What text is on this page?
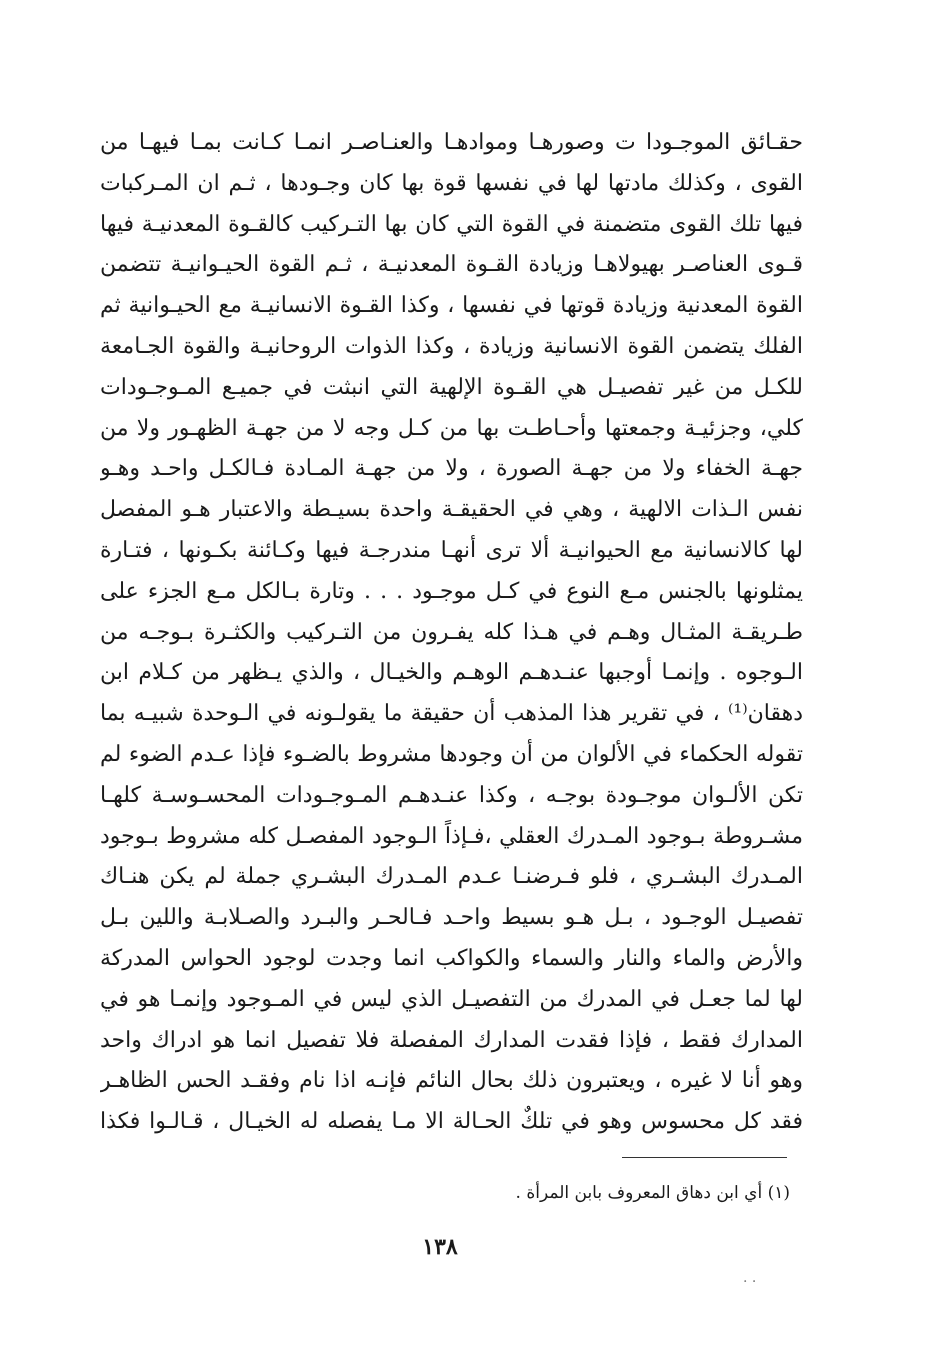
حقـائق الموجـودا ت وصورهـا وموادهـا والعنـاصـر انمـا كـانت بمـا فيهـا من
القوى ، وكذلك مادتها لها في نفسها قوة بها كان وجـودها ، ثـم ان المـركبات
فيها تلك القوى متضمنة في القوة التي كان بها التـركيب كالقـوة المعدنيـة فيها
قـوى العناصـر بهيولاهـا وزيادة القـوة المعدنيـة ، ثـم القوة الحيـوانيـة تتضمن
القوة المعدنية وزيادة قوتها في نفسها ، وكذا القـوة الانسانيـة مع الحيـوانية ثم
الفلك يتضمن القوة الانسانية وزيادة ، وكذا الذوات الروحانيـة والقوة الجـامعة
للكـل من غير تفصيـل هي القـوة الإلهية التي انبثت في جميـع المـوجـودات
كلي، وجزئيـة وجمعتها وأحـاطـت بها من كـل وجه لا من جهـة الظهـور ولا من
جهـة الخفاء ولا من جهـة الصورة ، ولا من جهـة المـادة فـالكـل واحـد وهـو
نفس الـذات الالهية ، وهي في الحقيقـة واحدة بسيـطة والاعتبار هـو المفصل
لها كالانسانية مع الحيوانيـة ألا ترى أنهـا مندرجـة فيها وكـائنة بكـونها ، فتـارة
يمثلونها بالجنس مـع النوع في كـل موجـود . . . وتارة بـالكل مـع الجزء على
طـريقـة المثـال وهـم في هـذا كله يفـرون من التـركيب والكثـرة بـوجـه من
الـوجوه . وإنمـا أوجبها عنـدهـم الوهـم والخيـال ، والذي يـظهر من كـلام ابن
دهقان⁽¹⁾ ، في تقرير هذا المذهب أن حقيقة ما يقولـونه في الـوحدة شبيـه بما
تقوله الحكماء في الألوان من أن وجودها مشروط بالضـوء فإذا عـدم الضوء لم
تكن الألـوان موجـودة بوجـه ، وكذا عنـدهـم المـوجـودات المحسـوسـة كلهـا
مشـروطة بـوجود المـدرك العقلي ،فـإذاً الـوجود المفصـل كله مشروط بـوجود
المـدرك البشـري ، فلو فـرضنـا عـدم المـدرك البشـري جملة لم يكن هنـاك
تفصيـل الوجـود ، بـل هـو بسيط واحـد فـالحـر والبـرد والصـلابـة واللين بـل
والأرض والماء والنار والسماء والكواكب انما وجدت لوجود الحواس المدركة
لها لما جعـل في المدرك من التفصيـل الذي ليس في المـوجود وإنمـا هو في
المدارك فقط ، فإذا فقدت المدارك المفصلة فلا تفصيل انما هو ادراك واحد
وهو أنا لا غيره ، ويعتبرون ذلك بحال النائم فإنـه اذا نام وفقـد الحس الظاهـر
فقد كل محسوس وهو في تلكٌ الحـالة الا مـا يفصله له الخيـال ، قـالـوا فكذا
(١) أي ابن دهاق المعروف بابن المرأة .
١٣٨
· ·
